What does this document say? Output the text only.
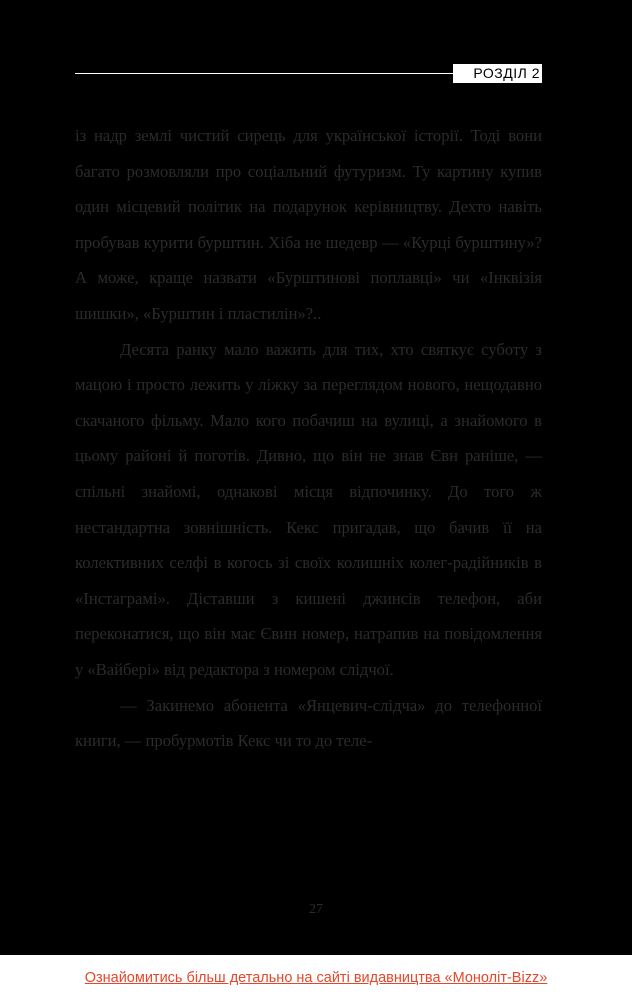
РОЗДІЛ 2

із надр землі чистий сирець для української історії. Тоді вони багато розмовляли про соціальний футуризм. Ту картину купив один місцевий політик на подарунок керівництву. Дехто навіть пробував курити бурштин. Хіба не шедевр — «Курці бурштину»? А може, краще назвати «Бурштинові поплавці» чи «Інквізія шишки», «Бурштин і пластилін»?..

Десята ранку мало важить для тих, хто святкує суботу з мацою і просто лежить у ліжку за переглядом нового, нещодавно скачаного фільму. Мало кого побачиш на вулиці, а знайомого в цьому районі й поготів. Дивно, що він не знав Євн раніше, — спільні знайомі, однакові місця відпочинку. До того ж нестандартна зовнішність. Кекс пригадав, що бачив її на колективних селфі в когось зі своїх колишніх колег-радійників в «Інстаграмі». Діставши з кишені джинсів телефон, аби переконатися, що він має Євин номер, натрапив на повідомлення у «Вайбері» від редактора з номером слідчої.

— Закинемо абонента «Янцевич-слідча» до телефонної книги, — пробурмотів Кекс чи то до теле-

27
Ознайомитись більш детально на сайті видавництва «Моноліт-Bizz»
